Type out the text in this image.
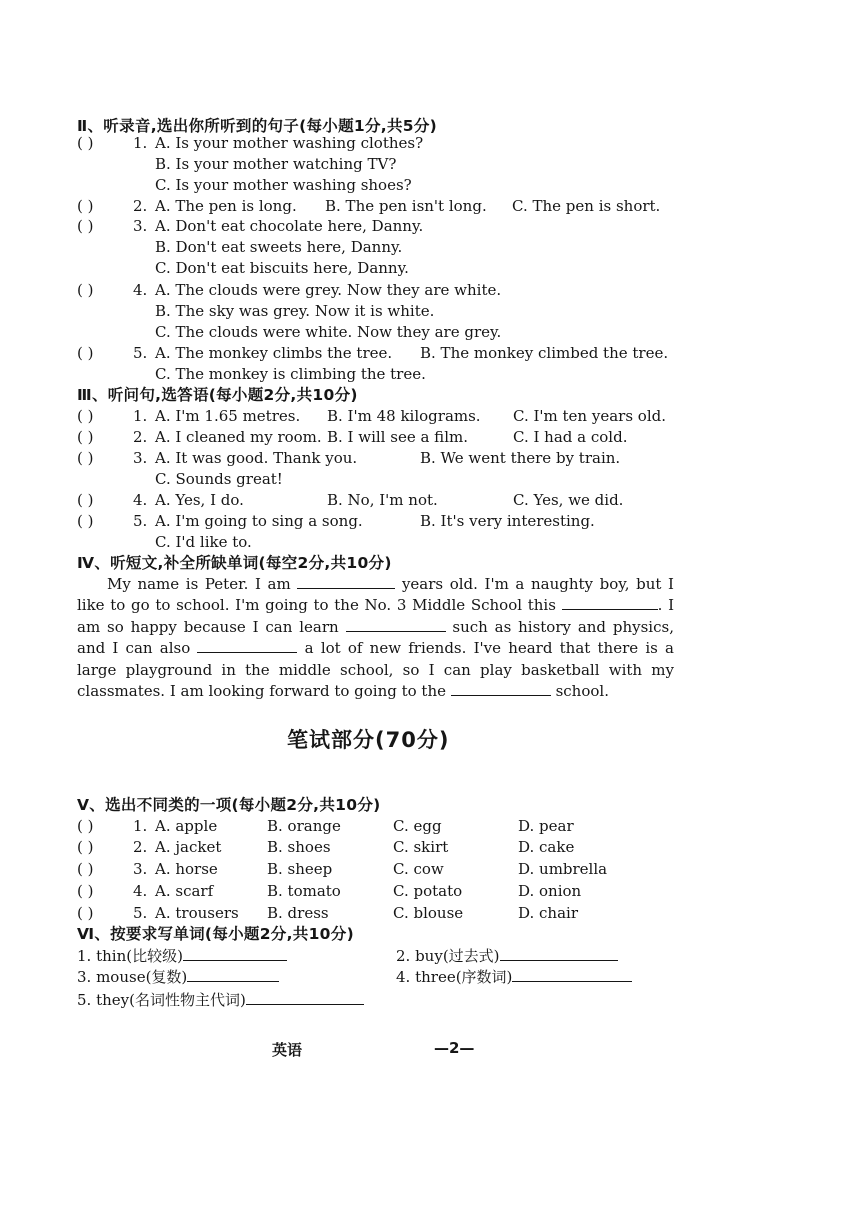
Ⅱ、听录音,选出你所听到的句子(每小题1分,共5分)
( )	1. A. Is your mother washing clothes?
B. Is your mother watching TV?
C. Is your mother washing shoes?
( )	2. A. The pen is long. B. The pen isn't long. C. The pen is short.
( )	3. A. Don't eat chocolate here, Danny.
B. Don't eat sweets here, Danny.
C. Don't eat biscuits here, Danny.
( )	4. A. The clouds were grey. Now they are white.
B. The sky was grey. Now it is white.
C. The clouds were white. Now they are grey.
( )	5. A. The monkey climbs the tree. B. The monkey climbed the tree.
C. The monkey is climbing the tree.
Ⅲ、听问句,选答语(每小题2分,共10分)
( )	1. A. I'm 1.65 metres. B. I'm 48 kilograms. C. I'm ten years old.
( )	2. A. I cleaned my room. B. I will see a film.	C. I had a cold.
( )	3. A. It was good. Thank you.	B. We went there by train.
C. Sounds great!
( )	4. A. Yes, I do.	B. No, I'm not.	C. Yes, we did.
( )	5. A. I'm going to sing a song.	B. It's very interesting.
C. I'd like to.
Ⅳ、听短文,补全所缺单词(每空2分,共10分)
My name is Peter. I am	years old. I'm a naughty boy, but I like to go to school. I'm going to the No. 3 Middle School this	. I am so happy because I can learn	such as history and physics, and I can also	a lot of new friends. I've heard that there is a large playground in the middle school, so I can play basketball with my classmates. I am looking forward to going to the	school.
笔试部分(70分)
Ⅴ、选出不同类的一项(每小题2分,共10分)
( )	1. A. apple	B. orange	C. egg	D. pear
( )	2. A. jacket	B. shoes	C. skirt	D. cake
( )	3. A. horse	B. sheep	C. cow	D. umbrella
( )	4. A. scarf	B. tomato	C. potato	D. onion
( )	5. A. trousers B. dress	C. blouse	D. chair
Ⅵ、按要求写单词(每小题2分,共10分)
1. thin(比较级)	2. buy(过去式)
3. mouse(复数)	4. three(序数词)
5. they(名词性物主代词)
英语	—2—
